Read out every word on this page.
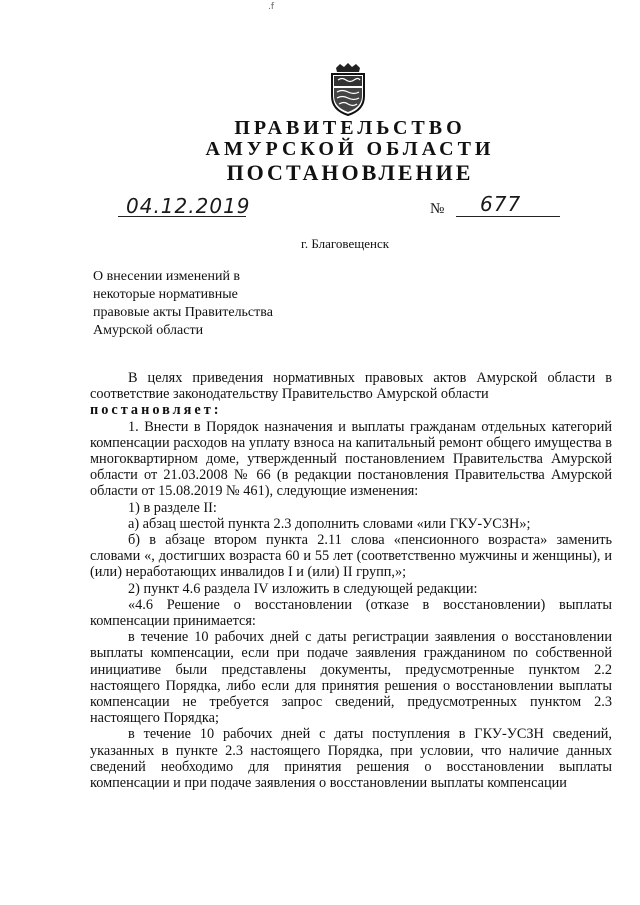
.f
ПРАВИТЕЛЬСТВО
АМУРСКОЙ ОБЛАСТИ
ПОСТАНОВЛЕНИЕ
04.12.2019	№ 677
г. Благовещенск
О внесении изменений в
некоторые нормативные
правовые акты Правительства
Амурской области

В целях приведения нормативных правовых актов Амурской области в соответствие законодательству Правительство Амурской области

постановляет:

1. Внести в Порядок назначения и выплаты гражданам отдельных категорий компенсации расходов на уплату взноса на капитальный ремонт общего имущества в многоквартирном доме, утвержденный постановлением Правительства Амурской области от 21.03.2008 № 66 (в редакции постановления Правительства Амурской области от 15.08.2019 № 461), следующие изменения:

1) в разделе II:

а) абзац шестой пункта 2.3 дополнить словами «или ГКУ-УСЗН»;

б) в абзаце втором пункта 2.11 слова «пенсионного возраста» заменить словами «, достигших возраста 60 и 55 лет (соответственно мужчины и женщины), и (или) неработающих инвалидов I и (или) II групп,»;

2) пункт 4.6 раздела IV изложить в следующей редакции:

«4.6 Решение о восстановлении (отказе в восстановлении) выплаты компенсации принимается:

в течение 10 рабочих дней с даты регистрации заявления о восстановлении выплаты компенсации, если при подаче заявления гражданином по собственной инициативе были представлены документы, предусмотренные пунктом 2.2 настоящего Порядка, либо если для принятия решения о восстановлении выплаты компенсации не требуется запрос сведений, предусмотренных пунктом 2.3 настоящего Порядка;

в течение 10 рабочих дней с даты поступления в ГКУ-УСЗН сведений, указанных в пункте 2.3 настоящего Порядка, при условии, что наличие данных сведений необходимо для принятия решения о восстановлении выплаты компенсации и при подаче заявления о восстановлении выплаты компенсации
